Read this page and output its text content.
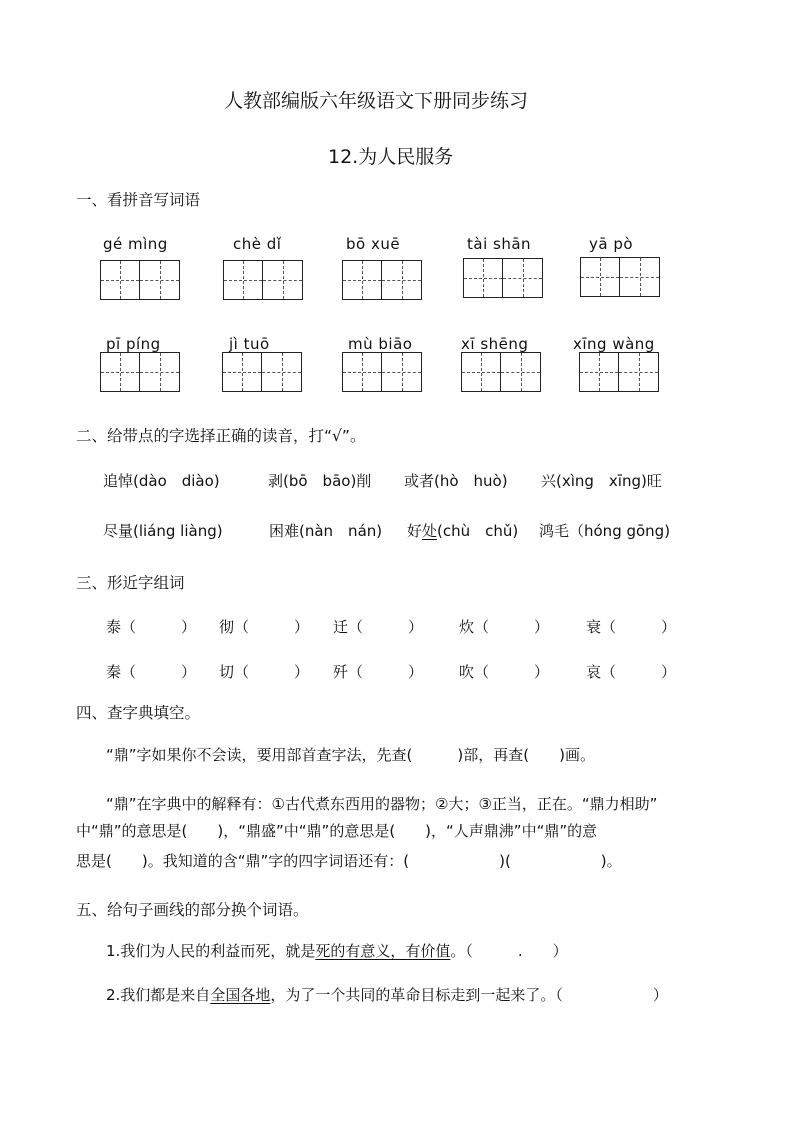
人教部编版六年级语文下册同步练习
12.为人民服务
一、看拼音写词语
gé mìng	chè dǐ	bō xuē	tài shān	yā pò
pī píng	jì tuō	mù biāo	xī shēng	xīng wàng
二、给带点的字选择正确的读音，打“√”。
追悼(dào　diào)	剥(bō　bāo)削 或者(hò　huò) 兴(xìng　xīng)旺
尽量(liáng liàng)	困难(nàn　nán) 好处(chù　chǔ) 鸿毛（hóng gōng)
三、形近字组词
泰（　　　） 彻（　　　） 迁（　　　） 炊（　　　） 衰（　　　）
秦（　　　） 切（　　　） 歼（　　　） 吹（　　　） 哀（　　　）
四、查字典填空。
“鼎”字如果你不会读，要用部首查字法，先查(　　　)部，再查(　　)画。
“鼎”在字典中的解释有：①古代煮东西用的器物；②大；③正当，正在。“鼎力相助”
中“鼎”的意思是(　　)，“鼎盛”中“鼎”的意思是(　　)，“人声鼎沸”中“鼎”的意
思是(　　)。我知道的含“鼎”字的四字词语还有：(　　　　　　)(　　　　　　)。
五、给句子画线的部分换个词语。
1.我们为人民的利益而死，就是死的有意义，有价值。（　　　.　　）
2.我们都是来自全国各地，为了一个共同的革命目标走到一起来了。（　　　　　　）
